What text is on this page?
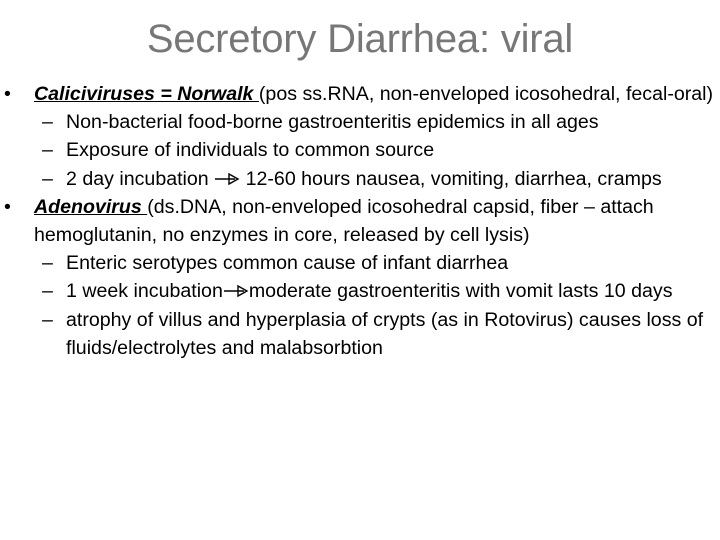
Secretory Diarrhea: viral
• Caliciviruses = Norwalk (pos ss.RNA, non-enveloped icosohedral, fecal-oral)
– Non-bacterial food-borne gastroenteritis epidemics in all ages
– Exposure of individuals to common source
– 2 day incubation  12-60 hours nausea, vomiting, diarrhea, cramps
• Adenovirus (ds.DNA, non-enveloped icosohedral capsid, fiber – attach hemoglutanin, no enzymes in core, released by cell lysis)
– Enteric serotypes common cause of infant diarrhea
– 1 week incubation moderate gastroenteritis with vomit lasts 10 days
– atrophy of villus and hyperplasia of crypts (as in Rotovirus) causes loss of fluids/electrolytes and malabsorbtion
